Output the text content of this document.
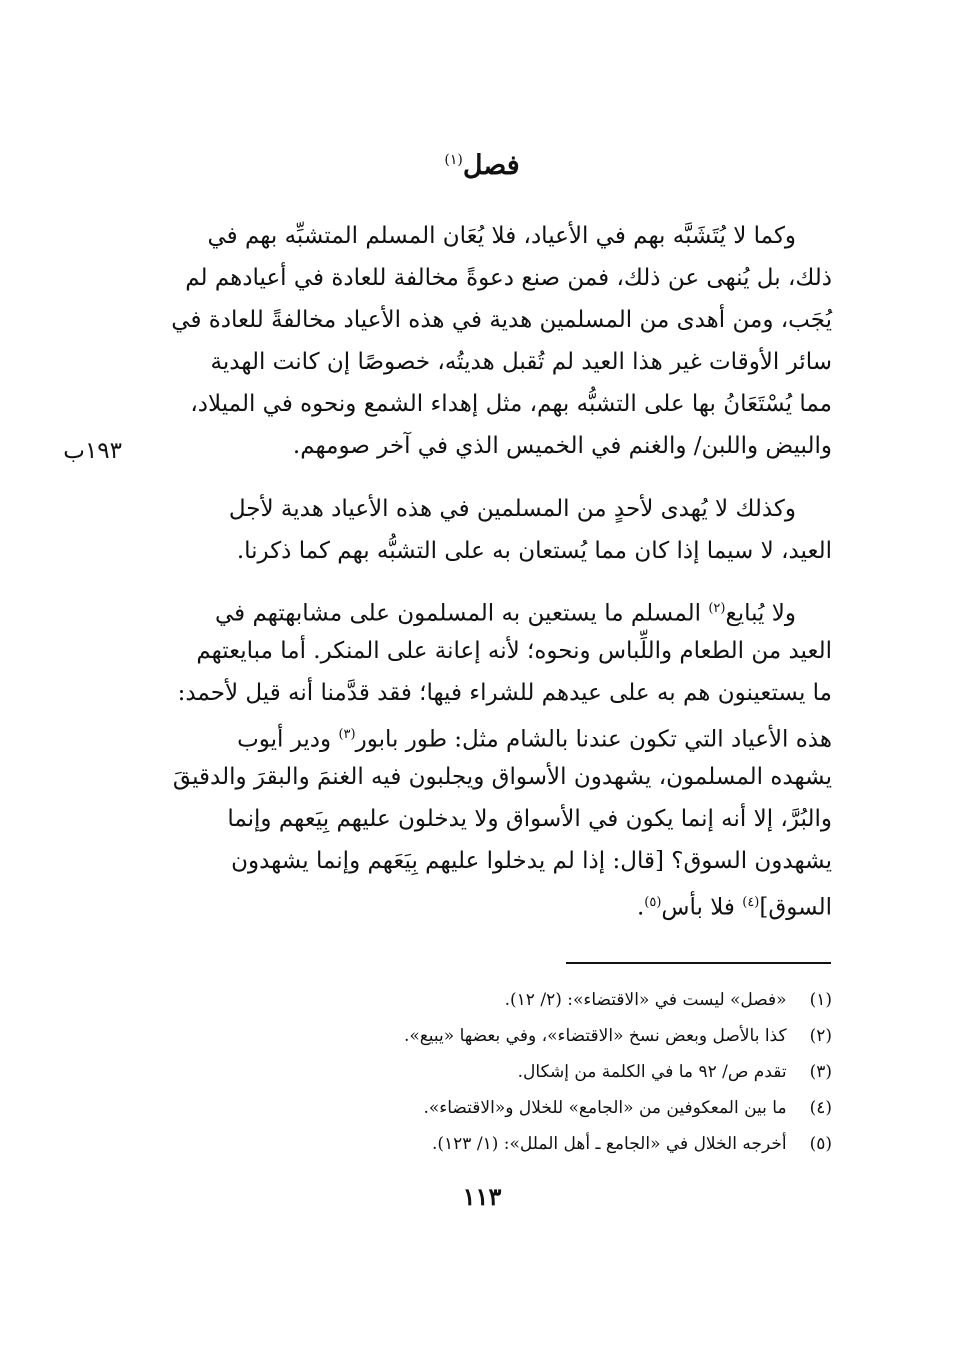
فصل$^{(١)}$
وكما لا يُتَشَبَّه بهم في الأعياد، فلا يُعَان المسلم المتشبِّه بهم في
ذلك، بل يُنهى عن ذلك، فمن صنع دعوةً مخالفة للعادة في أعيادهم لم
يُجَب، ومن أهدى من المسلمين هدية في هذه الأعياد مخالفةً للعادة في
سائر الأوقات غير هذا العيد لم تُقبل هديتُه، خصوصًا إن كانت الهدية
مما يُسْتَعَانُ بها على التشبُّه بهم، مثل إهداء الشمع ونحوه في الميلاد،
والبيض واللبن/ والغنم في الخميس الذي في آخر صومهم.
١٩٣ب
وكذلك لا يُهدى لأحدٍ من المسلمين في هذه الأعياد هدية لأجل
العيد، لا سيما إذا كان مما يُستعان به على التشبُّه بهم كما ذكرنا.
ولا يُبايع$^{(٢)}$ المسلم ما يستعين به المسلمون على مشابهتهم في
العيد من الطعام واللِّباس ونحوه؛ لأنه إعانة على المنكر. أما مبايعتهم
ما يستعينون هم به على عيدهم للشراء فيها؛ فقد قدَّمنا أنه قيل لأحمد:
هذه الأعياد التي تكون عندنا بالشام مثل: طور بابور$^{(٣)}$ ودير أيوب
يشهده المسلمون، يشهدون الأسواق ويجلبون فيه الغنمَ والبقرَ والدقيقَ
والبُرَّ، إلا أنه إنما يكون في الأسواق ولا يدخلون عليهم بِيَعهم وإنما
يشهدون السوق؟ [قال: إذا لم يدخلوا عليهم بِيَعَهم وإنما يشهدون
السوق]$^{(٤)}$ فلا بأس$^{(٥)}$.
(١) «فصل» ليست في «الاقتضاء»: (٢/ ١٢).
(٢) كذا بالأصل وبعض نسخ «الاقتضاء»، وفي بعضها «يبيع».
(٣) تقدم ص/ ٩٢ ما في الكلمة من إشكال.
(٤) ما بين المعكوفين من «الجامع» للخلال و«الاقتضاء».
(٥) أخرجه الخلال في «الجامع ـ أهل الملل»: (١/ ١٢٣).
١١٣
